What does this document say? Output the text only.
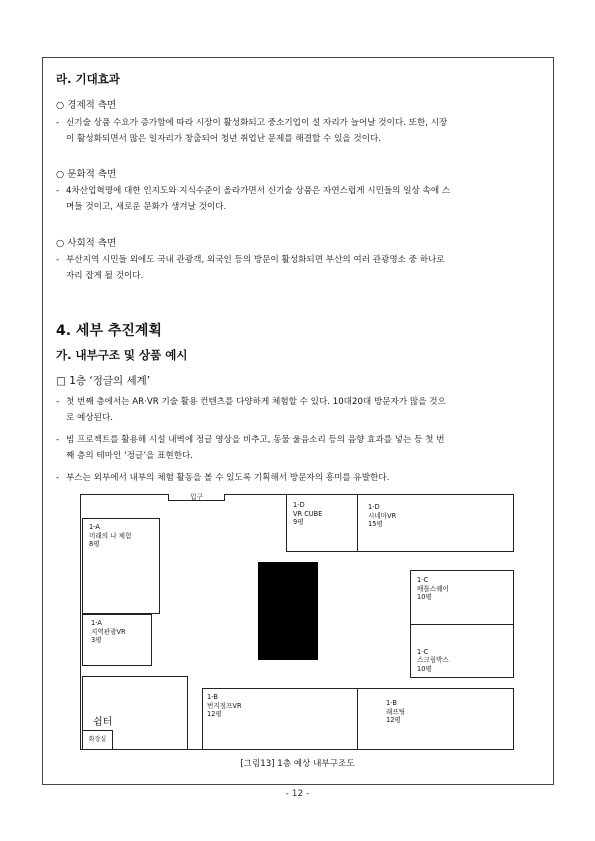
라. 기대효과
○ 경제적 측면
- 신기술 상품 수요가 증가함에 따라 시장이 활성화되고 중소기업이 설 자리가 늘어날 것이다. 또한, 시장
이 활성화되면서 많은 일자리가 창출되어 청년 취업난 문제를 해결할 수 있을 것이다.
○ 문화적 측면
- 4차산업혁명에 대한 인지도와 지식수준이 올라가면서 신기술 상품은 자연스럽게 시민들의 일상 속에 스
며들 것이고, 새로운 문화가 생겨날 것이다.
○ 사회적 측면
- 부산지역 시민들 외에도 국내 관광객, 외국인 등의 방문이 활성화되면 부산의 여러 관광명소 중 하나로
자리 잡게 될 것이다.
4. 세부 추진계획
가. 내부구조 및 상품 예시
□ 1층 ‘정글의 세계’
- 첫 번째 층에서는 AR·VR 기술 활용 컨텐츠를 다양하게 체험할 수 있다. 10대20대 방문자가 많을 것으
로 예상된다.
- 빔 프로젝트를 활용해 시설 내벽에 정글 영상을 비추고, 동물 울음소리 등의 음향 효과를 넣는 등 첫 번
째 층의 테마인 ‘정글’을 표현한다.
- 부스는 외부에서 내부의 체험 활동을 볼 수 있도록 기획해서 방문자의 흥미를 유발한다.
입구
1-A
미래의 나 체험
8평
1-A
지역관광VR
3평
1-D
VR CUBE
9평
1-D
시네마VR
15평
1-C
배틀스퀘어
10평
1-C
스크림박스
10평
쉼터
화장실
1-B
번지점프VR
12평
1-B
래프팅
12평
[그림13] 1층 예상 내부구조도
- 12 -
